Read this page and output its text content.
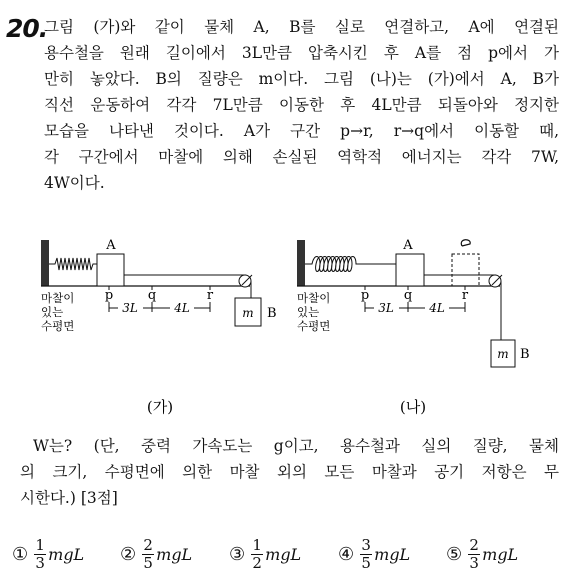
20.
그림 (가)와 같이 물체 A, B를 실로 연결하고, A에 연결된
용수철을 원래 길이에서 3L만큼 압축시킨 후 A를 점 p에서 가
만히 놓았다. B의 질량은 m이다. 그림 (나)는 (가)에서 A, B가
직선 운동하여 각각 7L만큼 이동한 후 4L만큼 되돌아와 정지한
모습을 나타낸 것이다. A가 구간 p→r, r→q에서 이동할 때,
각 구간에서 마찰에 의해 손실된 역학적 에너지는 각각 7W,
4W이다.
A
m B
p	q	r
3L	4L
마찰이
있는
수평면
(가)
A
m B
p	q	r
3L	4L
마찰이
있는
수평면
(나)
W는? (단, 중력 가속도는 g이고, 용수철과 실의 질량, 물체
의 크기, 수평면에 의한 마찰 외의 모든 마찰과 공기 저항은 무
시한다.) [3점]
① $\frac{1}{3}$ mgL ② $\frac{2}{5}$ mgL ③ $\frac{1}{2}$ mgL ④ $\frac{3}{5}$ mgL ⑤ $\frac{2}{3}$ mgL
